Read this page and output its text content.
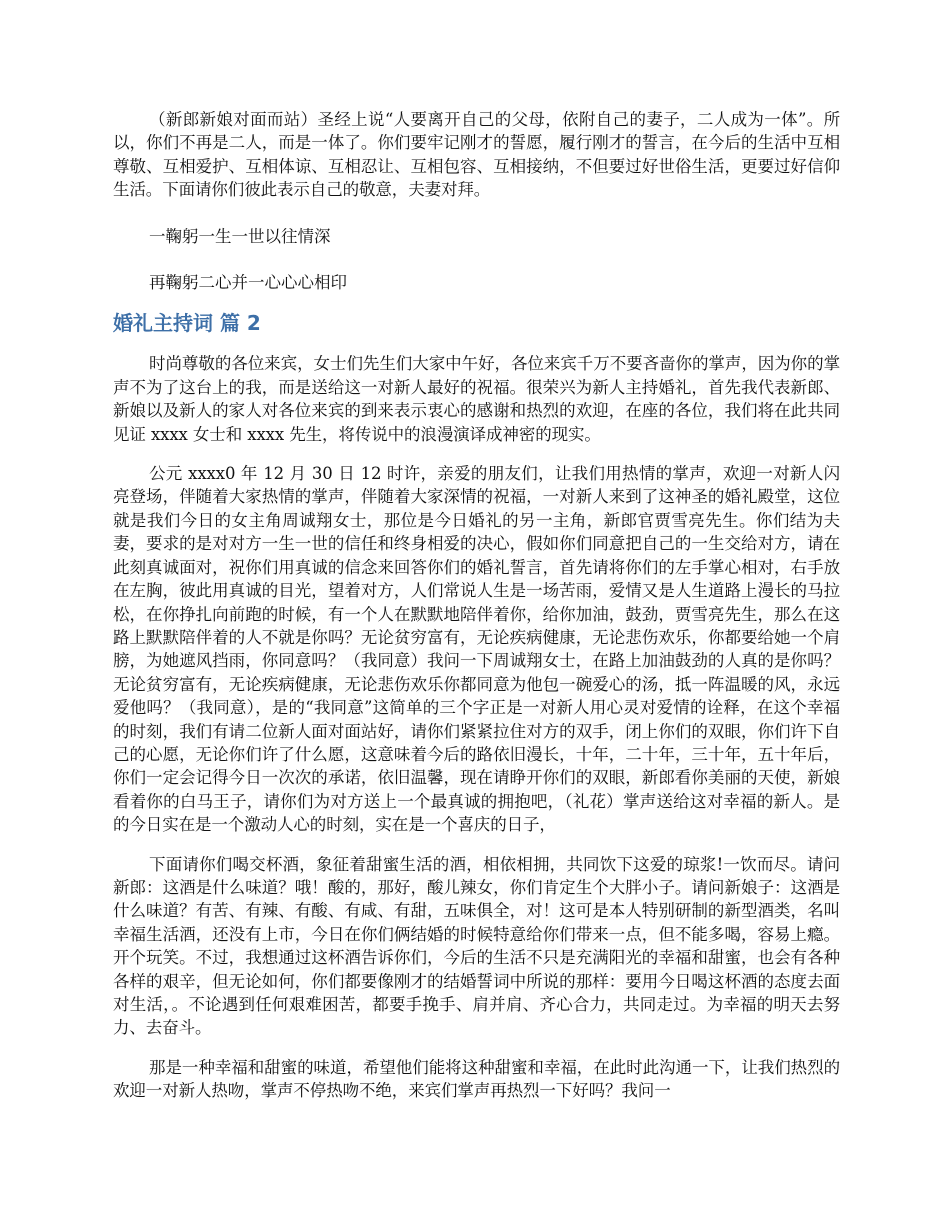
（新郎新娘对面而站）圣经上说“人要离开自己的父母，依附自己的妻子，二人成为一体”。所以，你们不再是二人，而是一体了。你们要牢记刚才的誓愿，履行刚才的誓言，在今后的生活中互相尊敬、互相爱护、互相体谅、互相忍让、互相包容、互相接纳，不但要过好世俗生活，更要过好信仰生活。下面请你们彼此表示自己的敬意，夫妻对拜。

一鞠躬一生一世以往情深

再鞠躬二心并一心心心相印

婚礼主持词 篇 2

时尚尊敬的各位来宾，女士们先生们大家中午好，各位来宾千万不要吝啬你的掌声，因为你的掌声不为了这台上的我，而是送给这一对新人最好的祝福。很荣兴为新人主持婚礼，首先我代表新郎、新娘以及新人的家人对各位来宾的到来表示衷心的感谢和热烈的欢迎，在座的各位，我们将在此共同见证 xxxx 女士和 xxxx 先生，将传说中的浪漫演译成神密的现实。

公元 xxxx0 年 12 月 30 日 12 时许，亲爱的朋友们，让我们用热情的掌声，欢迎一对新人闪亮登场，伴随着大家热情的掌声，伴随着大家深情的祝福，一对新人来到了这神圣的婚礼殿堂，这位就是我们今日的女主角周诚翔女士，那位是今日婚礼的另一主角，新郎官贾雪亮先生。你们结为夫妻，要求的是对对方一生一世的信任和终身相爱的决心，假如你们同意把自己的一生交给对方，请在此刻真诚面对，祝你们用真诚的信念来回答你们的婚礼誓言，首先请将你们的左手掌心相对，右手放在左胸，彼此用真诚的目光，望着对方，人们常说人生是一场苦雨，爱情又是人生道路上漫长的马拉松，在你挣扎向前跑的时候，有一个人在默默地陪伴着你，给你加油，鼓劲，贾雪亮先生，那么在这路上默默陪伴着的人不就是你吗？无论贫穷富有，无论疾病健康，无论悲伤欢乐，你都要给她一个肩膀，为她遮风挡雨，你同意吗？（我同意）我问一下周诚翔女士，在路上加油鼓劲的人真的是你吗？无论贫穷富有，无论疾病健康，无论悲伤欢乐你都同意为他包一碗爱心的汤，抵一阵温暖的风，永远爱他吗？（我同意），是的“我同意”这简单的三个字正是一对新人用心灵对爱情的诠释，在这个幸福的时刻，我们有请二位新人面对面站好，请你们紧紧拉住对方的双手，闭上你们的双眼，你们许下自己的心愿，无论你们许了什么愿，这意味着今后的路依旧漫长，十年，二十年，三十年，五十年后，你们一定会记得今日一次次的承诺，依旧温馨，现在请睁开你们的双眼，新郎看你美丽的天使，新娘看着你的白马王子，请你们为对方送上一个最真诚的拥抱吧，（礼花）掌声送给这对幸福的新人。是的今日实在是一个激动人心的时刻，实在是一个喜庆的日子，

下面请你们喝交杯酒，象征着甜蜜生活的酒，相依相拥，共同饮下这爱的琼浆!一饮而尽。请问新郎：这酒是什么味道？哦！酸的，那好，酸儿辣女，你们肯定生个大胖小子。请问新娘子：这酒是什么味道？有苦、有辣、有酸、有咸、有甜，五味俱全，对！这可是本人特别研制的新型酒类，名叫幸福生活酒，还没有上市，今日在你们俩结婚的时候特意给你们带来一点，但不能多喝，容易上瘾。开个玩笑。不过，我想通过这杯酒告诉你们，今后的生活不只是充满阳光的幸福和甜蜜，也会有各种各样的艰辛，但无论如何，你们都要像刚才的结婚誓词中所说的那样：要用今日喝这杯酒的态度去面对生活，。不论遇到任何艰难困苦，都要手挽手、肩并肩、齐心合力，共同走过。为幸福的明天去努力、去奋斗。

那是一种幸福和甜蜜的味道，希望他们能将这种甜蜜和幸福，在此时此沟通一下，让我们热烈的欢迎一对新人热吻，掌声不停热吻不绝，来宾们掌声再热烈一下好吗？我问一
